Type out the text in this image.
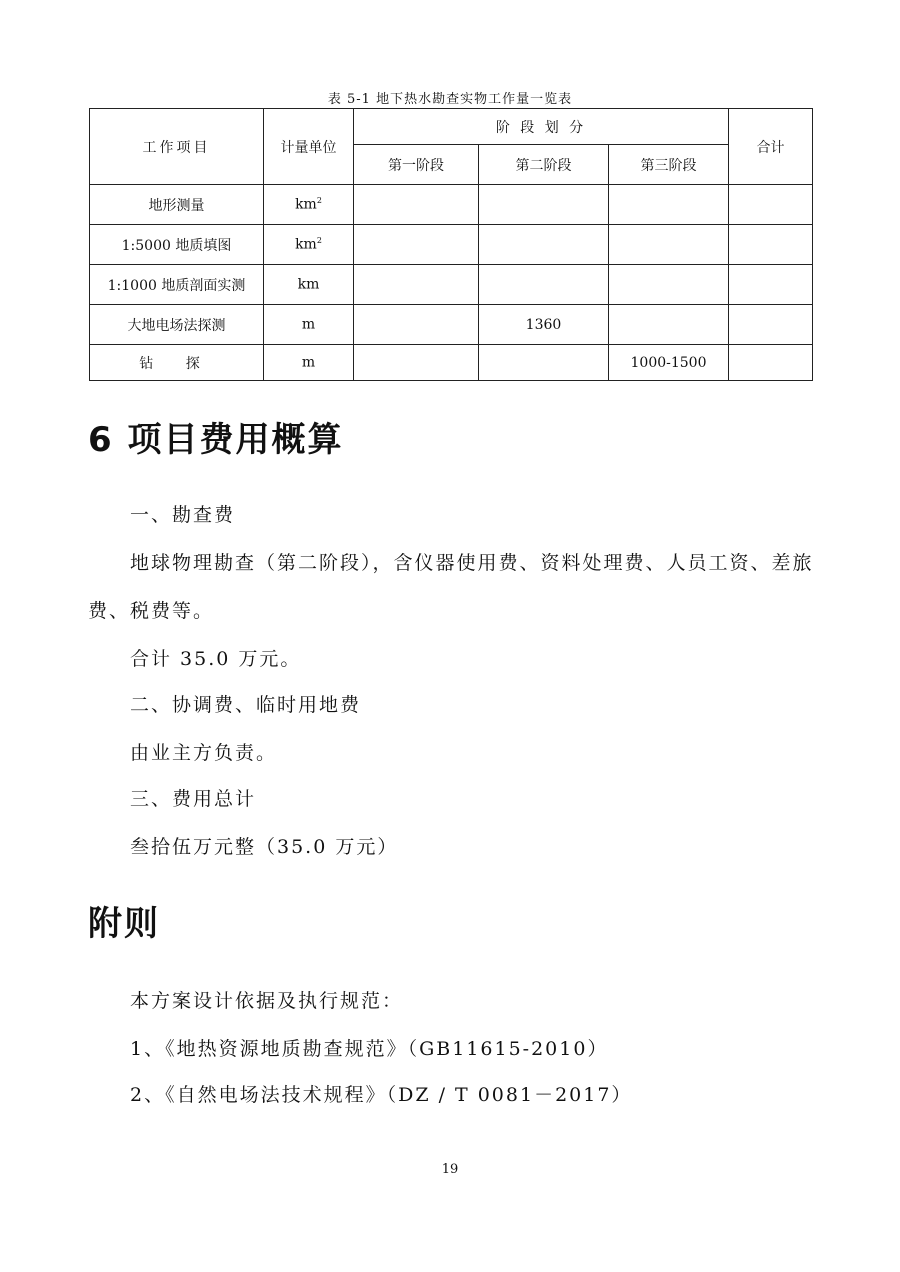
表 5-1 地下热水勘查实物工作量一览表
工作项目	计量单位	阶 段 划 分			合计
		第一阶段	第二阶段	第三阶段	
地形测量	$km^2$				
1:5000 地质填图	$km^2$				
1:1000 地质剖面实测	km				
大地电场法探测	m		1360		
钻 探	m			1000-1500	
6 项目费用概算
一、勘查费
地球物理勘查（第二阶段），含仪器使用费、资料处理费、人员工资、差旅
费、税费等。
合计 35.0 万元。
二、协调费、临时用地费
由业主方负责。
三、费用总计
叁拾伍万元整（35.0 万元）
附则
本方案设计依据及执行规范：
1、《地热资源地质勘查规范》（GB11615-2010）
2、《自然电场法技术规程》（DZ / T 0081－2017）
19
